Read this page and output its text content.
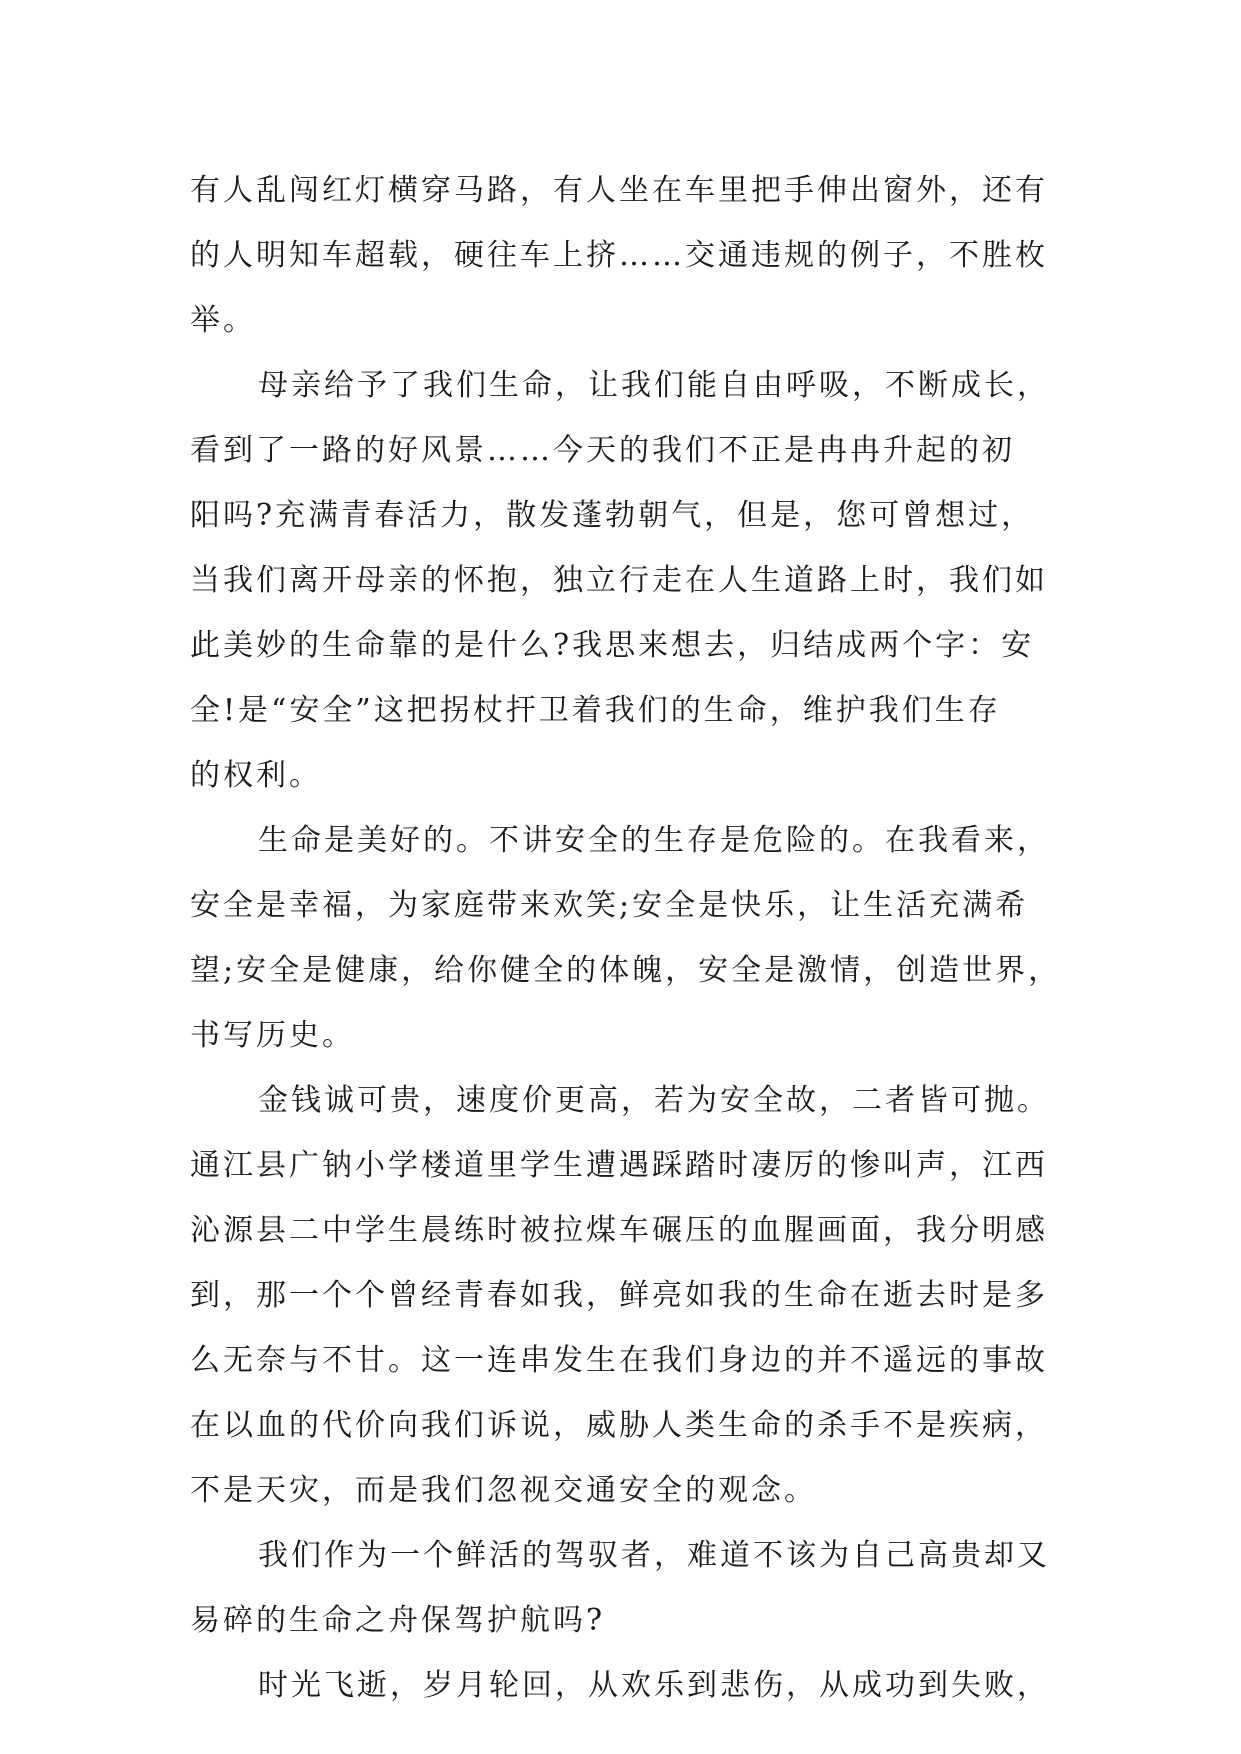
有人乱闯红灯横穿马路，有人坐在车里把手伸出窗外，还有
的人明知车超载，硬往车上挤……交通违规的例子，不胜枚
举。
母亲给予了我们生命，让我们能自由呼吸，不断成长，
看到了一路的好风景……今天的我们不正是冉冉升起的初
阳吗?充满青春活力，散发蓬勃朝气，但是，您可曾想过，
当我们离开母亲的怀抱，独立行走在人生道路上时，我们如
此美妙的生命靠的是什么?我思来想去，归结成两个字：安
全!是“安全”这把拐杖扞卫着我们的生命，维护我们生存
的权利。
生命是美好的。不讲安全的生存是危险的。在我看来，
安全是幸福，为家庭带来欢笑;安全是快乐，让生活充满希
望;安全是健康，给你健全的体魄，安全是激情，创造世界，
书写历史。
金钱诚可贵，速度价更高，若为安全故，二者皆可抛。
通江县广钠小学楼道里学生遭遇踩踏时凄厉的惨叫声，江西
沁源县二中学生晨练时被拉煤车碾压的血腥画面，我分明感
到，那一个个曾经青春如我，鲜亮如我的生命在逝去时是多
么无奈与不甘。这一连串发生在我们身边的并不遥远的事故
在以血的代价向我们诉说，威胁人类生命的杀手不是疾病，
不是天灾，而是我们忽视交通安全的观念。
我们作为一个鲜活的驾驭者，难道不该为自己高贵却又
易碎的生命之舟保驾护航吗?
时光飞逝，岁月轮回，从欢乐到悲伤，从成功到失败，
